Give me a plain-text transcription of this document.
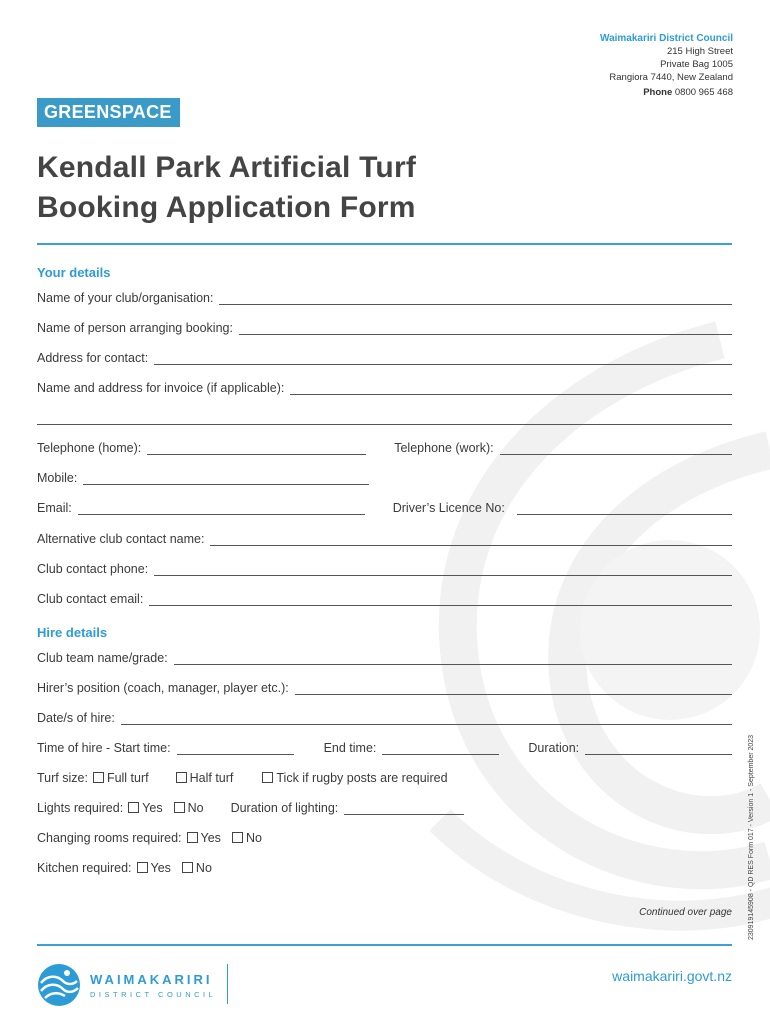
Waimakariri District Council
215 High Street
Private Bag 1005
Rangiora 7440, New Zealand
Phone 0800 965 468
GREENSPACE
Kendall Park Artificial Turf
Booking Application Form
Your details
Name of your club/organisation:
Name of person arranging booking:
Address for contact:
Name and address for invoice (if applicable):
Telephone (home):	Telephone (work):
Mobile:
Email:	Driver’s Licence No:
Alternative club contact name:
Club contact phone:
Club contact email:
Hire details
Club team name/grade:
Hirer’s position (coach, manager, player etc.):
Date/s of hire:
Time of hire - Start time:	End time:	Duration:
Turf size: Full turf	Half turf	Tick if rugby posts are required
Lights required: Yes No Duration of lighting:
Changing rooms required: Yes No
Kitchen required: Yes No
Continued over page 230919145908 - QD RES Form 017 - Version 1 - September 2023
WAIMAKARIRI
DISTRICT COUNCIL
waimakariri.govt.nz
